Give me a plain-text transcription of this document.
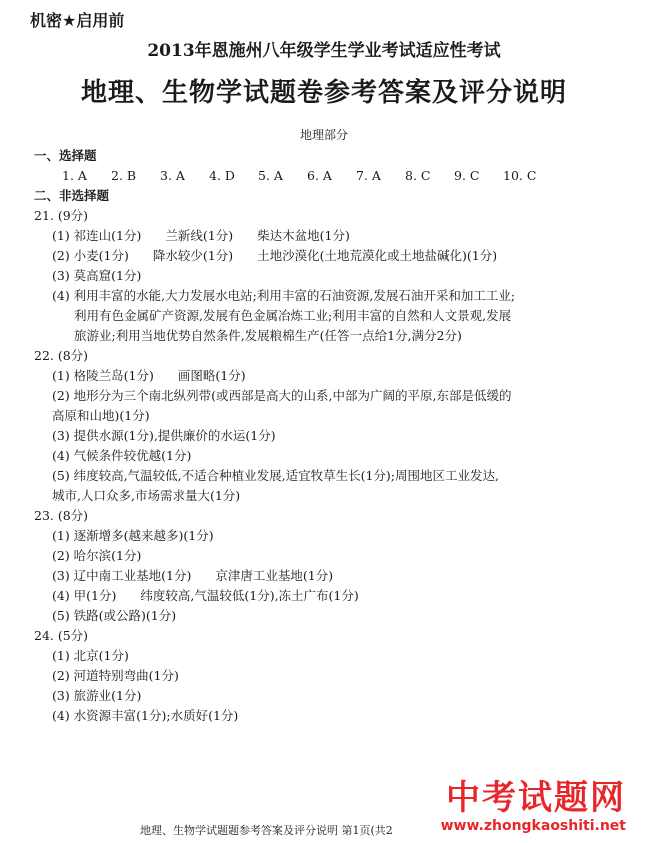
机密★启用前
2013年恩施州八年级学生学业考试适应性考试
地理、生物学试题卷参考答案及评分说明
地理部分
一、选择题
1. A 2. B 3. A 4. D 5. A 6. A 7. A 8. C 9. C 10. C
二、非选择题
21. (9分)
(1) 祁连山(1分) 兰新线(1分) 柴达木盆地(1分)
(2) 小麦(1分) 降水较少(1分) 土地沙漠化(土地荒漠化或土地盐碱化)(1分)
(3) 莫高窟(1分)
(4) 利用丰富的水能,大力发展水电站;利用丰富的石油资源,发展石油开采和加工工业;
利用有色金属矿产资源,发展有色金属冶炼工业;利用丰富的自然和人文景观,发展
旅游业;利用当地优势自然条件,发展粮棉生产(任答一点给1分,满分2分)
22. (8分)
(1) 格陵兰岛(1分) 画图略(1分)
(2) 地形分为三个南北纵列带(或西部是高大的山系,中部为广阔的平原,东部是低缓的
高原和山地)(1分)
(3) 提供水源(1分),提供廉价的水运(1分)
(4) 气候条件较优越(1分)
(5) 纬度较高,气温较低,不适合种植业发展,适宜牧草生长(1分);周围地区工业发达,
城市,人口众多,市场需求量大(1分)
23. (8分)
(1) 逐渐增多(越来越多)(1分)
(2) 哈尔滨(1分)
(3) 辽中南工业基地(1分) 京津唐工业基地(1分)
(4) 甲(1分) 纬度较高,气温较低(1分),冻土广布(1分)
(5) 铁路(或公路)(1分)
24. (5分)
(1) 北京(1分)
(2) 河道特别弯曲(1分)
(3) 旅游业(1分)
(4) 水资源丰富(1分);水质好(1分)
中考试题网
www.zhongkaoshiti.net
地理、生物学试题题参考答案及评分说明 第1页(共2
